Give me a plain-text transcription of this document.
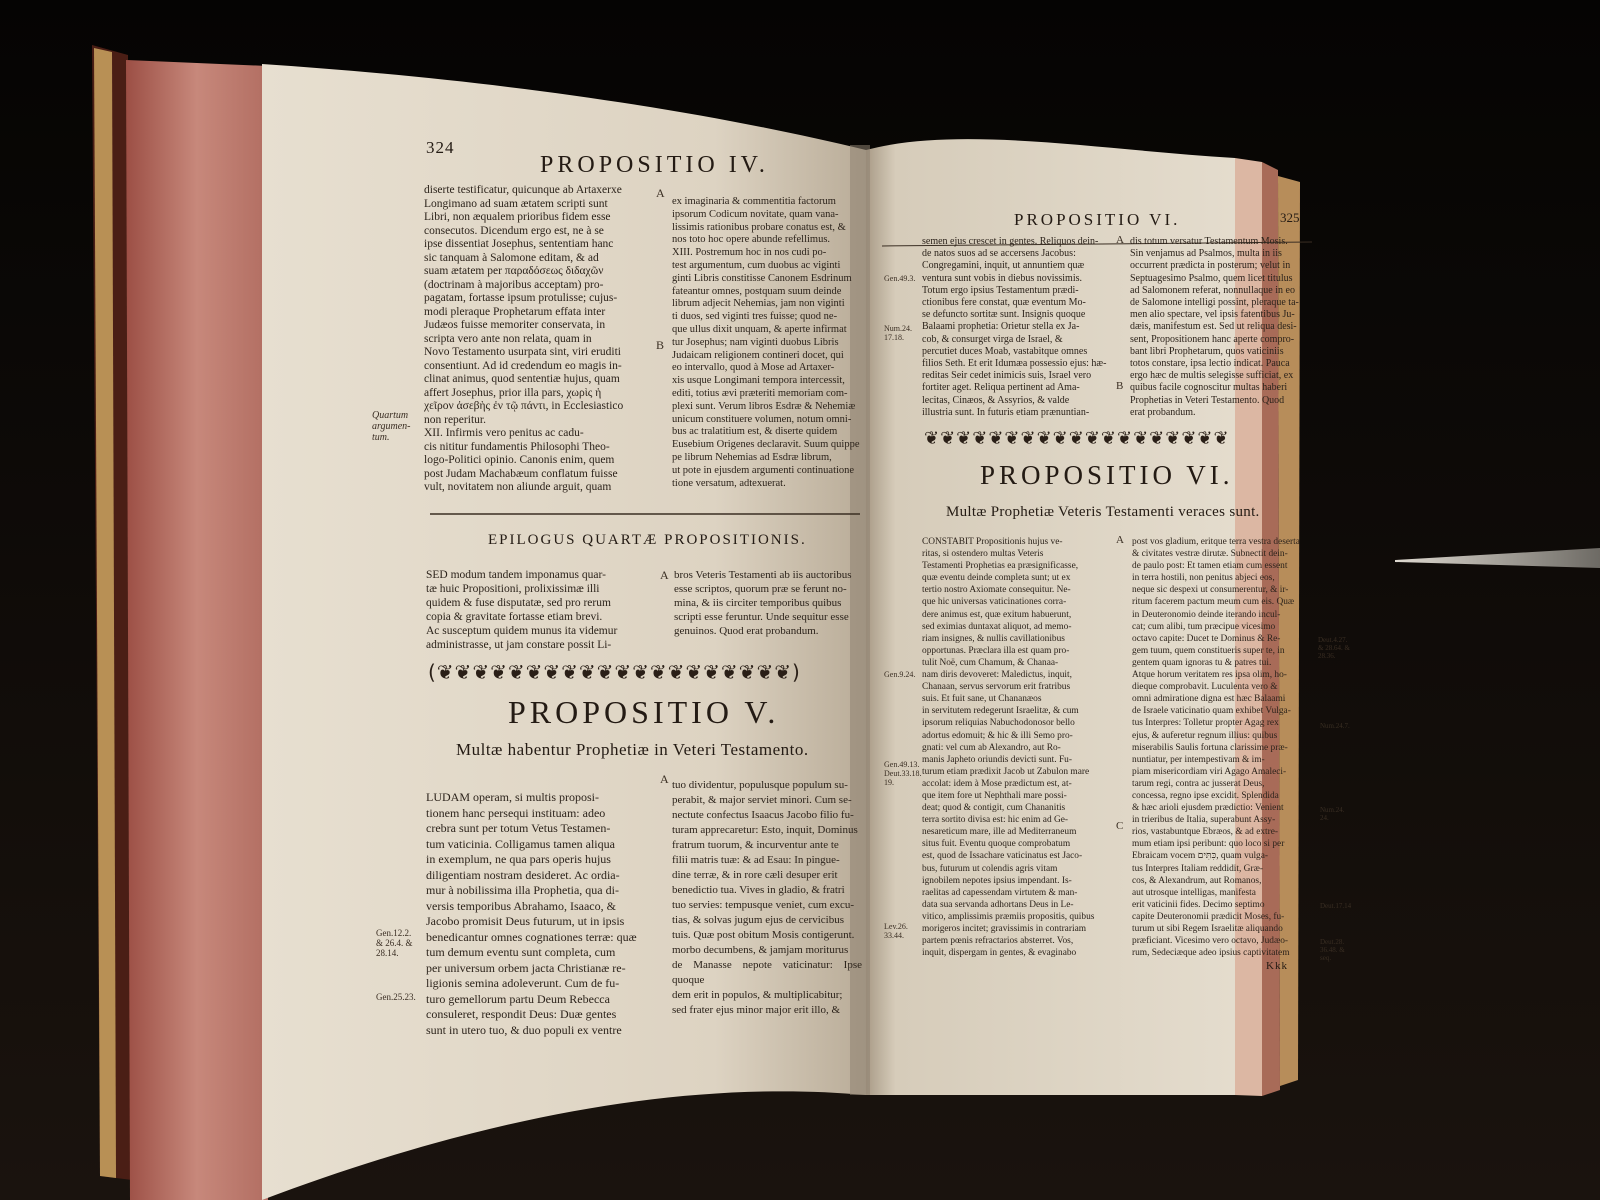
324
PROPOSITIO IV.
diserte testificatur, quicunque ab Artaxerxe
Longimano ad suam ætatem scripti sunt
Libri, non æqualem prioribus fidem esse
consecutos. Dicendum ergo est, ne à se
ipse dissentiat Josephus, sententiam hanc
sic tanquam à Salomone editam, & ad
suam ætatem per παραδόσεως διδαχῶν
(doctrinam à majoribus acceptam) pro-
pagatam, fortasse ipsum protulisse; cujus-
modi pleraque Prophetarum effata inter
Judæos fuisse memoriter conservata, in
scripta vero ante non relata, quam in
Novo Testamento usurpata sint, viri eruditi
consentiunt. Ad id credendum eo magis in-
clinat animus, quod sententiæ hujus, quam
affert Josephus, prior illa pars, χωρὶς ἡ
χεῖρον ἀσεβὴς ἐν τῷ πάντι, in Ecclesiastico
non reperitur.
XII. Infirmis vero penitus ac cadu-
cis nititur fundamentis Philosophi Theo-
logo-Politici opinio. Canonis enim, quem
post Judam Machabæum conflatum fuisse
vult, novitatem non aliunde arguit, quam
A
B
ex imaginaria & commentitia factorum
ipsorum Codicum novitate, quam vana-
lissimis rationibus probare conatus est, &
nos toto hoc opere abunde refellimus.
XIII. Postremum hoc in nos cudi po-
test argumentum, cum duobus ac viginti
ginti Libris constitisse Canonem Esdrinum
fateantur omnes, postquam suum deinde
librum adjecit Nehemias, jam non viginti
ti duos, sed viginti tres fuisse; quod ne-
que ullus dixit unquam, & aperte infirmat
tur Josephus; nam viginti duobus Libris
Judaicam religionem contineri docet, qui
eo intervallo, quod à Mose ad Artaxer-
xis usque Longimani tempora intercessit,
editi, totius ævi præteriti memoriam com-
plexi sunt. Verum libros Esdræ & Nehemiæ
unicum constituere volumen, notum omni-
bus ac tralatitium est, & diserte quidem
Eusebium Origenes declaravit. Suum quippe
pe librum Nehemias ad Esdræ librum,
ut pote in ejusdem argumenti continuatione
tione versatum, adtexuerat.
Quartum
argumen-
tum.
EPILOGUS QUARTÆ PROPOSITIONIS.
SED modum tandem imponamus quar-
tæ huic Propositioni, prolixissimæ illi
quidem & fuse disputatæ, sed pro rerum
copia & gravitate fortasse etiam brevi.
Ac susceptum quidem munus ita videmur
administrasse, ut jam constare possit Li-
A bros Veteris Testamenti ab iis auctoribus
esse scriptos, quorum præ se ferunt no-
mina, & iis circiter temporibus quibus
scripti esse feruntur. Unde sequitur esse
genuinos. Quod erat probandum.
(❦❦❦❦❦❦❦❦❦❦❦❦❦❦❦❦❦❦❦❦)
PROPOSITIO V.
Multæ habentur Prophetiæ in Veteri Testamento.
LUDAM operam, si multis proposi-
tionem hanc persequi instituam: adeo
crebra sunt per totum Vetus Testamen-
tum vaticinia. Colligamus tamen aliqua
in exemplum, ne qua pars operis hujus
diligentiam nostram desideret. Ac ordia-
mur à nobilissima illa Prophetia, qua di-
versis temporibus Abrahamo, Isaaco, &
Jacobo promisit Deus futurum, ut in ipsis
benedicantur omnes cognationes terræ: quæ
tum demum eventu sunt completa, cum
per universum orbem jacta Christianæ re-
ligionis semina adoleverunt. Cum de fu-
turo gemellorum partu Deum Rebecca
consuleret, respondit Deus: Duæ gentes
sunt in utero tuo, & duo populi ex ventre
A tuo dividentur, populusque populum su-
perabit, & major serviet minori. Cum se-
nectute confectus Isaacus Jacobo filio fu-
turam apprecaretur: Esto, inquit, Dominus
fratrum tuorum, & incurventur ante te
filii matris tuæ: & ad Esau: In pingue-
dine terræ, & in rore cæli desuper erit
benedictio tua. Vives in gladio, & fratri
tuo servies: tempusque veniet, cum excu-
tias, & solvas jugum ejus de cervicibus
tuis. Quæ post obitum Mosis contigerunt.
morbo decumbens, & jamjam moriturus
de Manasse nepote vaticinatur: Ipse quoque
dem erit in populos, & multiplicabitur;
sed frater ejus minor major erit illo, &
Gen.12.2.
& 26.4. &
28.14.
Gen.25.23.
PROPOSITIO VI.	325
semen ejus crescet in gentes. Reliquos dein-
de natos suos ad se accersens Jacobus:
Congregamini, inquit, ut annuntiem quæ
ventura sunt vobis in diebus novissimis.
Totum ergo ipsius Testamentum prædi-
ctionibus fere constat, quæ eventum Mo-
se defuncto sortitæ sunt. Insignis quoque
Balaami prophetia: Orietur stella ex Ja-
cob, & consurget virga de Israel, &
percutiet duces Moab, vastabitque omnes
filios Seth. Et erit Idumæa possessio ejus: hæ-
reditas Seir cedet inimicis suis, Israel vero
fortiter aget. Reliqua pertinent ad Ama-
lecitas, Cinæos, & Assyrios, & valde
illustria sunt. In futuris etiam prænuntian-
A
B
dis totum versatur Testamentum Mosis.
Sin venjamus ad Psalmos, multa in iis
occurrent prædicta in posterum; velut in
Septuagesimo Psalmo, quem licet titulus
ad Salomonem referat, nonnullaque in eo
de Salomone intelligi possint, pleraque ta-
men alio spectare, vel ipsis fatentibus Ju-
dæis, manifestum est. Sed ut reliqua desi-
sent, Propositionem hanc aperte compro-
bant libri Prophetarum, quos vaticiniis
totos constare, ipsa lectio indicat. Pauca
ergo hæc de multis selegisse sufficiat, ex
quibus facile cognoscitur multas haberi
Prophetias in Veteri Testamento. Quod
erat probandum.
Gen.49.3.
Num.24.
17.18.
❦❦❦❦❦❦❦❦❦❦❦❦❦❦❦❦❦❦❦
PROPOSITIO VI.
Multæ Prophetiæ Veteris Testamenti veraces sunt.
CONSTABIT Propositionis hujus ve-
ritas, si ostendero multas Veteris
Testamenti Prophetias ea præsignificasse,
quæ eventu deinde completa sunt; ut ex
tertio nostro Axiomate consequitur. Ne-
que hic universas vaticinationes corra-
dere animus est, quæ exitum habuerunt,
sed eximias duntaxat aliquot, ad memo-
riam insignes, & nullis cavillationibus
opportunas. Præclara illa est quam pro-
tulit Noë, cum Chamum, & Chanaa-
nam diris devoveret: Maledictus, inquit,
Chanaan, servus servorum erit fratribus
suis. Et fuit sane, ut Chananæos
in servitutem redegerunt Israelitæ, & cum
ipsorum reliquias Nabuchodonosor bello
adortus edomuit; & hic & illi Semo pro-
gnati: vel cum ab Alexandro, aut Ro-
manis Japheto oriundis devicti sunt. Fu-
turum etiam prædixit Jacob ut Zabulon mare
accolat: idem à Mose prædictum est, at-
que item fore ut Nephthali mare possi-
deat; quod & contigit, cum Chananitis
terra sortito divisa est: hic enim ad Ge-
nesareticum mare, ille ad Mediterraneum
situs fuit. Eventu quoque comprobatum
est, quod de Issachare vaticinatus est Jaco-
bus, futurum ut colendis agris vitam
ignobilem nepotes ipsius impendant. Is-
raelitas ad capessendam virtutem & man-
data sua servanda adhortans Deus in Le-
vitico, amplissimis præmiis propositis, quibus
morigeros incitet; gravissimis in contrariam
partem pœnis refractarios absterret. Vos,
inquit, dispergam in gentes, & evaginabo
A
C
post vos gladium, eritque terra vestra deserta
& civitates vestræ dirutæ. Subnectit dein-
de paulo post: Et tamen etiam cum essent
in terra hostili, non penitus abjeci eos,
neque sic despexi ut consumerentur, & ir-
ritum facerem pactum meum cum eis. Quæ
in Deuteronomio deinde iterando incul-
cat; cum alibi, tum præcipue vicesimo
octavo capite: Ducet te Dominus & Re-
gem tuum, quem constitueris super te, in
gentem quam ignoras tu & patres tui.
Atque horum veritatem res ipsa olim, ho-
dieque comprobavit. Luculenta vero &
omni admiratione digna est hæc Balaami
de Israele vaticinatio quam exhibet Vulga-
tus Interpres: Tolletur propter Agag rex
ejus, & auferetur regnum illius: quibus
miserabilis Saulis fortuna clarissime præ-
nuntiatur, per intempestivam & im-
piam misericordiam viri Agago Amaleci-
tarum regi, contra ac jusserat Deus,
concessa, regno ipse excidit. Splendida
& hæc arioli ejusdem prædictio: Venient
in trieribus de Italia, superabunt Assy-
rios, vastabuntque Ebræos, & ad extre-
mum etiam ipsi peribunt: quo loco si per
Ebraicam vocem כִּתִּים, quam vulga-
tus Interpres Italiam reddidit, Græ-
cos, & Alexandrum, aut Romanos,
aut utrosque intelligas, manifesta
erit vaticinii fides. Decimo septimo
capite Deuteronomii prædicit Moses, fu-
turum ut sibi Regem Israelitæ aliquando
præficiant. Vicesimo vero octavo, Judæo-
rum, Sedeciæque adeo ipsius captivitatem
Gen.9.24.
Gen.49.13.
Deut.33.18.
19.
Lev.26.
33.44.
Deut.4.27.
& 28.64. &
28.36.
Num.24.7.
Num.24.
24.
Deut.17.14
Deut.28.
36.48. &
seq.
Kkk
